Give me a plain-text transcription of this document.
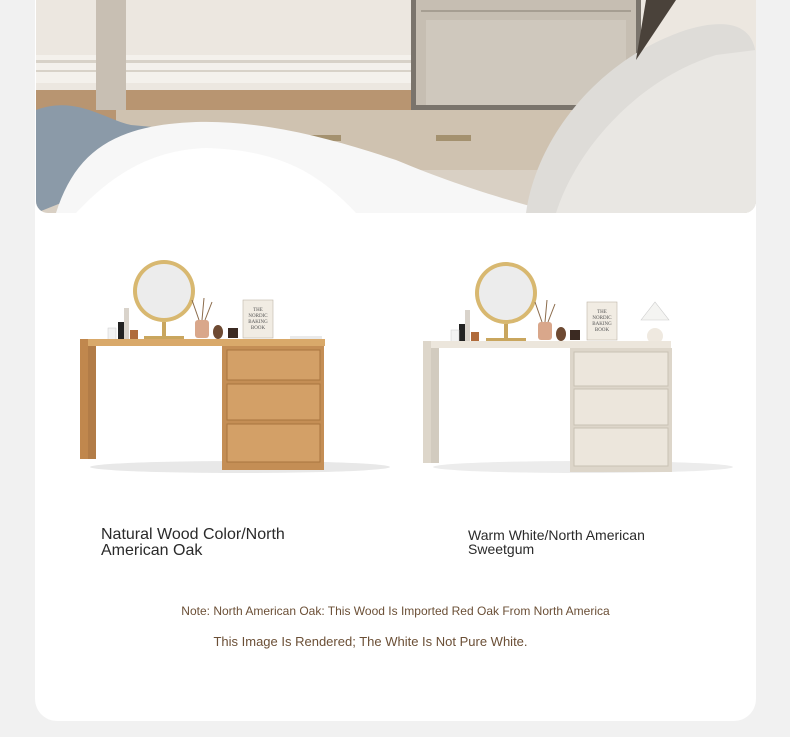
THE
NORDIC
BAKING
BOOK
THE
NORDIC
BAKING
BOOK
Natural Wood Color/North American Oak
Warm White/North American Sweetgum
Note: North American Oak: This Wood Is Imported Red Oak From North America
This Image Is Rendered; The White Is Not Pure White.
